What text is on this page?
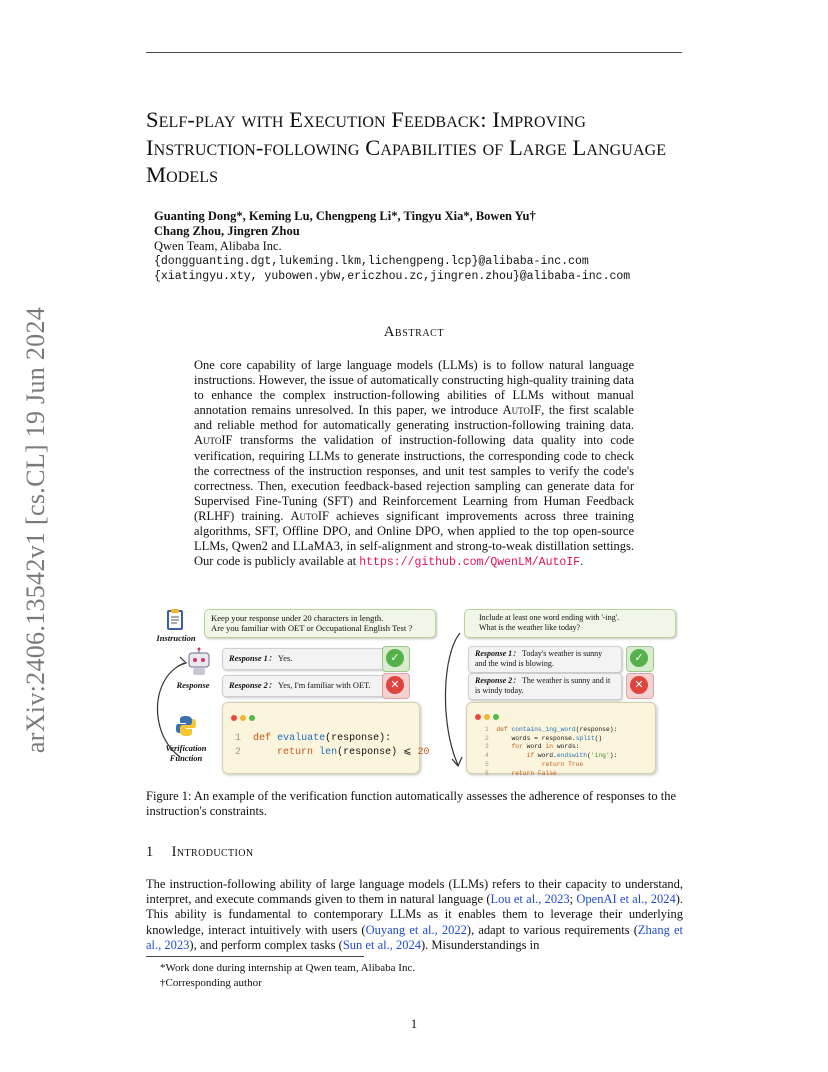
arXiv:2406.13542v1 [cs.CL] 19 Jun 2024
Self-play with Execution Feedback: Improving Instruction-following Capabilities of Large Language Models
Guanting Dong*, Keming Lu, Chengpeng Li*, Tingyu Xia*, Bowen Yu†
Chang Zhou, Jingren Zhou
Qwen Team, Alibaba Inc.
{dongguanting.dgt,lukeming.lkm,lichengpeng.lcp}@alibaba-inc.com
{xiatingyu.xty, yubowen.ybw,ericzhou.zc,jingren.zhou}@alibaba-inc.com
Abstract
One core capability of large language models (LLMs) is to follow natural language instructions. However, the issue of automatically constructing high-quality training data to enhance the complex instruction-following abilities of LLMs without manual annotation remains unresolved. In this paper, we introduce AutoIF, the first scalable and reliable method for automatically generating instruction-following training data. AutoIF transforms the validation of instruction-following data quality into code verification, requiring LLMs to generate instructions, the corresponding code to check the correctness of the instruction responses, and unit test samples to verify the code's correctness. Then, execution feedback-based rejection sampling can generate data for Supervised Fine-Tuning (SFT) and Reinforcement Learning from Human Feedback (RLHF) training. AutoIF achieves significant improvements across three training algorithms, SFT, Offline DPO, and Online DPO, when applied to the top open-source LLMs, Qwen2 and LLaMA3, in self-alignment and strong-to-weak distillation settings. Our code is publicly available at https://github.com/QwenLM/AutoIF.
Instruction
Response
Verification Function
Keep your response under 20 characters in length.
Are you familiar with OET or Occupational English Test ?
Response 1： Yes.	✓
Response 2： Yes, I'm familiar with OET.	✕
1 def evaluate(response):
2	return len(response) ⩽ 20
Include at least one word ending with '-ing'.
What is the weather like today?
Response 1： Today's weather is sunny and the wind is blowing.	✓
Response 2： The weather is sunny and it is windy today.	✕
1 def contains_ing_word(response):
2      words = response.split()
3	for word in words:
4	if word.endswith('ing'):
5	return True
6	return False
Figure 1: An example of the verification function automatically assesses the adherence of responses to the instruction's constraints.
1 Introduction
The instruction-following ability of large language models (LLMs) refers to their capacity to understand, interpret, and execute commands given to them in natural language (Lou et al., 2023; OpenAI et al., 2024). This ability is fundamental to contemporary LLMs as it enables them to leverage their underlying knowledge, interact intuitively with users (Ouyang et al., 2022), adapt to various requirements (Zhang et al., 2023), and perform complex tasks (Sun et al., 2024). Misunderstandings in
*Work done during internship at Qwen team, Alibaba Inc.
†Corresponding author
1
